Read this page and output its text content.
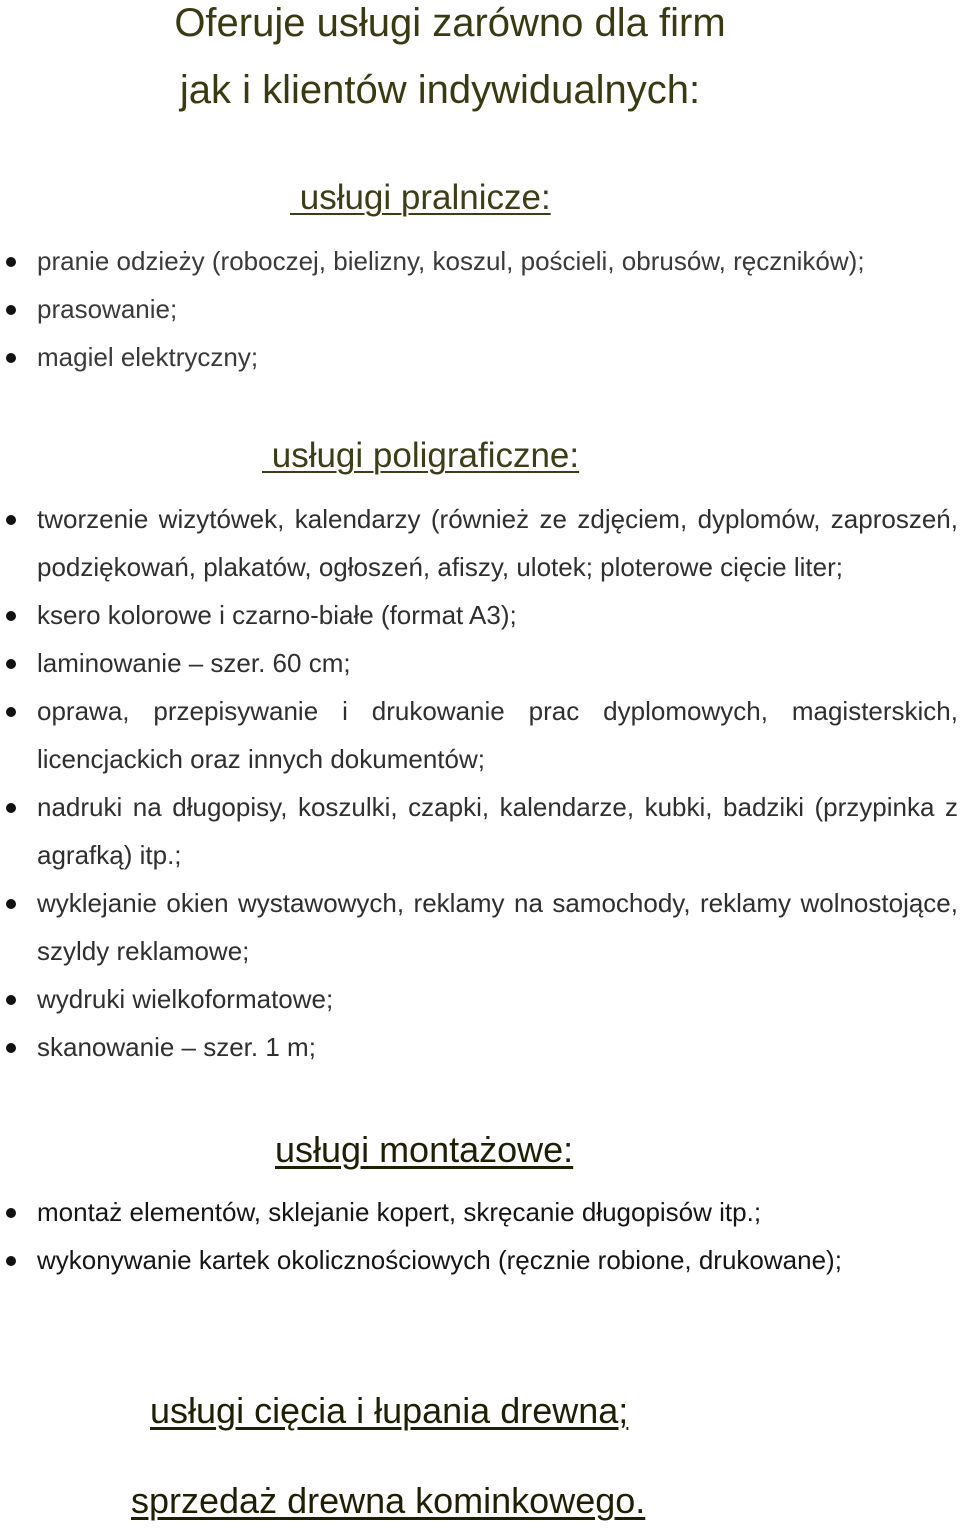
Oferuje usługi zarówno dla firm
jak i klientów indywidualnych:
usługi pralnicze:
pranie odzieży (roboczej, bielizny, koszul, pościeli, obrusów, ręczników);
prasowanie;
magiel elektryczny;
usługi poligraficzne:
tworzenie wizytówek, kalendarzy (również ze zdjęciem, dyplomów, zaproszeń, podziękowań, plakatów, ogłoszeń, afiszy, ulotek; ploterowe cięcie liter;
ksero kolorowe i czarno-białe (format A3);
laminowanie – szer. 60 cm;
oprawa, przepisywanie i drukowanie prac dyplomowych, magisterskich, licencjackich oraz innych dokumentów;
nadruki na długopisy, koszulki, czapki, kalendarze, kubki, badziki (przypinka z agrafką) itp.;
wyklejanie okien wystawowych, reklamy na samochody, reklamy wolnostojące, szyldy reklamowe;
wydruki wielkoformatowe;
skanowanie – szer. 1 m;
usługi montażowe:
montaż elementów, sklejanie kopert, skręcanie długopisów itp.;
wykonywanie kartek okolicznościowych (ręcznie robione, drukowane);
usługi cięcia i łupania drewna;
sprzedaż drewna kominkowego.
